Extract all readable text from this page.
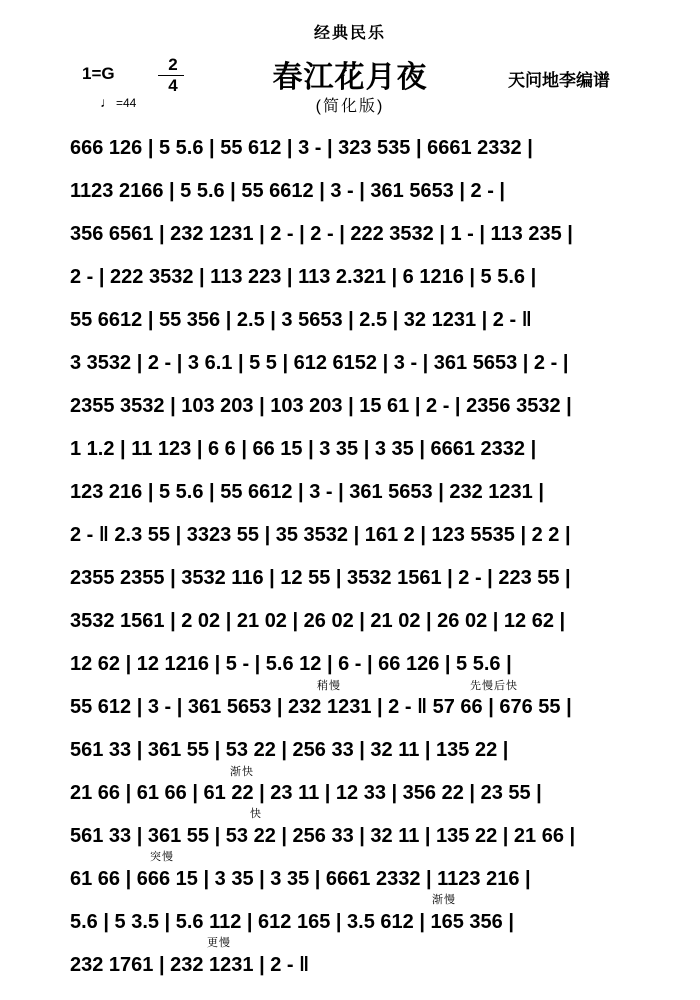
经典民乐
春江花月夜
(简化版)
1=G	2
4
♩ =44
天问地李编谱
666 126 | 5 5.6 | 55 612 | 3 - | 323 535 | 6661 2332 |
1123 2166 | 5 5.6 | 55 6612 | 3 - | 361 5653 | 2 - |
356 6561 | 232 1231 | 2 - | 2 - | 222 3532 | 1 - | 113 235 |
2 - | 222 3532 | 113 223 | 113 2.321 | 6 1216 | 5 5.6 |
55 6612 | 55 356 | 2.5 | 3 5653 | 2.5 | 32 1231 | 2 - ‖
3 3532 | 2 - | 3 6.1 | 5 5 | 612 6152 | 3 - | 361 5653 | 2 - |
2355 3532 | 103 203 | 103 203 | 15 61 | 2 - | 2356 3532 |
1 1.2 | 11 123 | 6 6 | 66 15 | 3 35 | 3 35 | 6661 2332 |
123 216 | 5 5.6 | 55 6612 | 3 - | 361 5653 | 232 1231 |
2 - ‖ 2.3 55 | 3323 55 | 35 3532 | 161 2 | 123 5535 | 2 2 |
2355 2355 | 3532 116 | 12 55 | 3532 1561 | 2 - | 223 55 |
3532 1561 | 2 02 | 21 02 | 26 02 | 21 02 | 26 02 | 12 62 |
12 62 | 12 1216 | 5 - | 5.6 12 | 6 - | 66 126 | 5 5.6 |
55 612 | 3 - | 361 5653 | 232 1231 | 2 - ‖ 57 66 | 676 55 |
561 33 | 361 55 | 53 22 | 256 33 | 32 11 | 135 22 |
21 66 | 61 66 | 61 22 | 23 11 | 12 33 | 356 22 | 23 55 |
561 33 | 361 55 | 53 22 | 256 33 | 32 11 | 135 22 | 21 66 |
61 66 | 666 15 | 3 35 | 3 35 | 6661 2332 | 1123 216 |
5.6 | 5 3.5 | 5.6 112 | 612 165 | 3.5 612 | 165 356 |
232 1761 | 232 1231 | 2 - ‖
稍慢	先慢后快
渐快
快
突慢
渐慢
更慢
